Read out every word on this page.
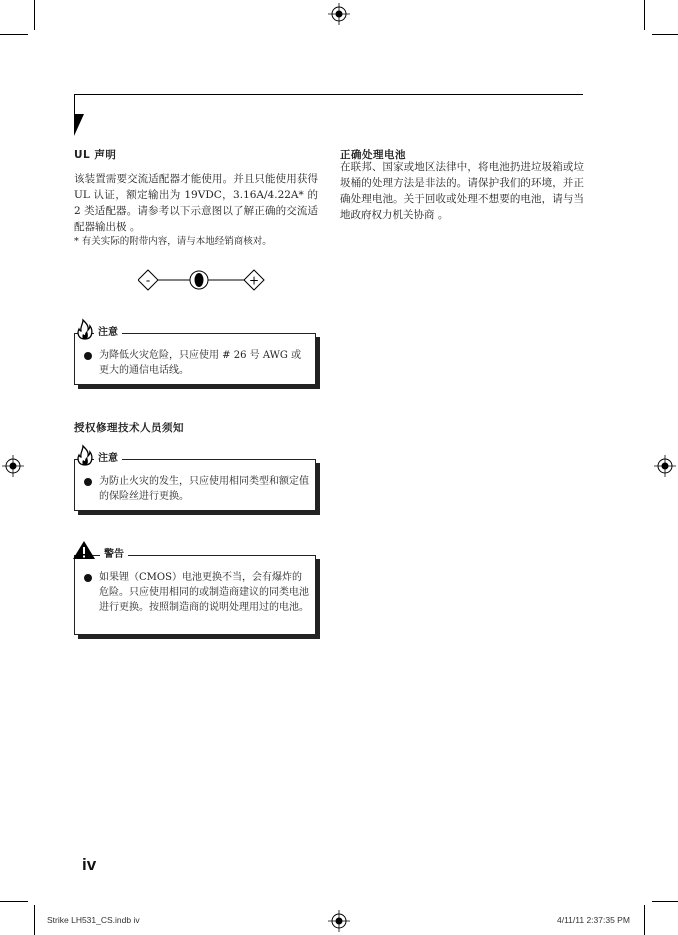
UL 声明
该装置需要交流适配器才能使用。并且只能使用获得 UL 认证，额定输出为 19VDC，3.16A/4.22A* 的 2 类适配器。请参考以下示意图以了解正确的交流适配器输出极 。
* 有关实际的附带内容，请与本地经销商核对。
-	+
注意
为降低火灾危险，只应使用 # 26 号 AWG 或更大的通信电话线。
授权修理技术人员须知
注意
为防止火灾的发生，只应使用相同类型和额定值的保险丝进行更换。
警告
如果锂（CMOS）电池更换不当，会有爆炸的危险。只应使用相同的或制造商建议的同类电池进行更换。按照制造商的说明处理用过的电池。
正确处理电池
在联邦、国家或地区法律中，将电池扔进垃圾箱或垃圾桶的处理方法是非法的。请保护我们的环境，并正确处理电池。关于回收或处理不想要的电池，请与当地政府权力机关协商 。
iv
Strike LH531_CS.indb iv	4/11/11 2:37:35 PM
